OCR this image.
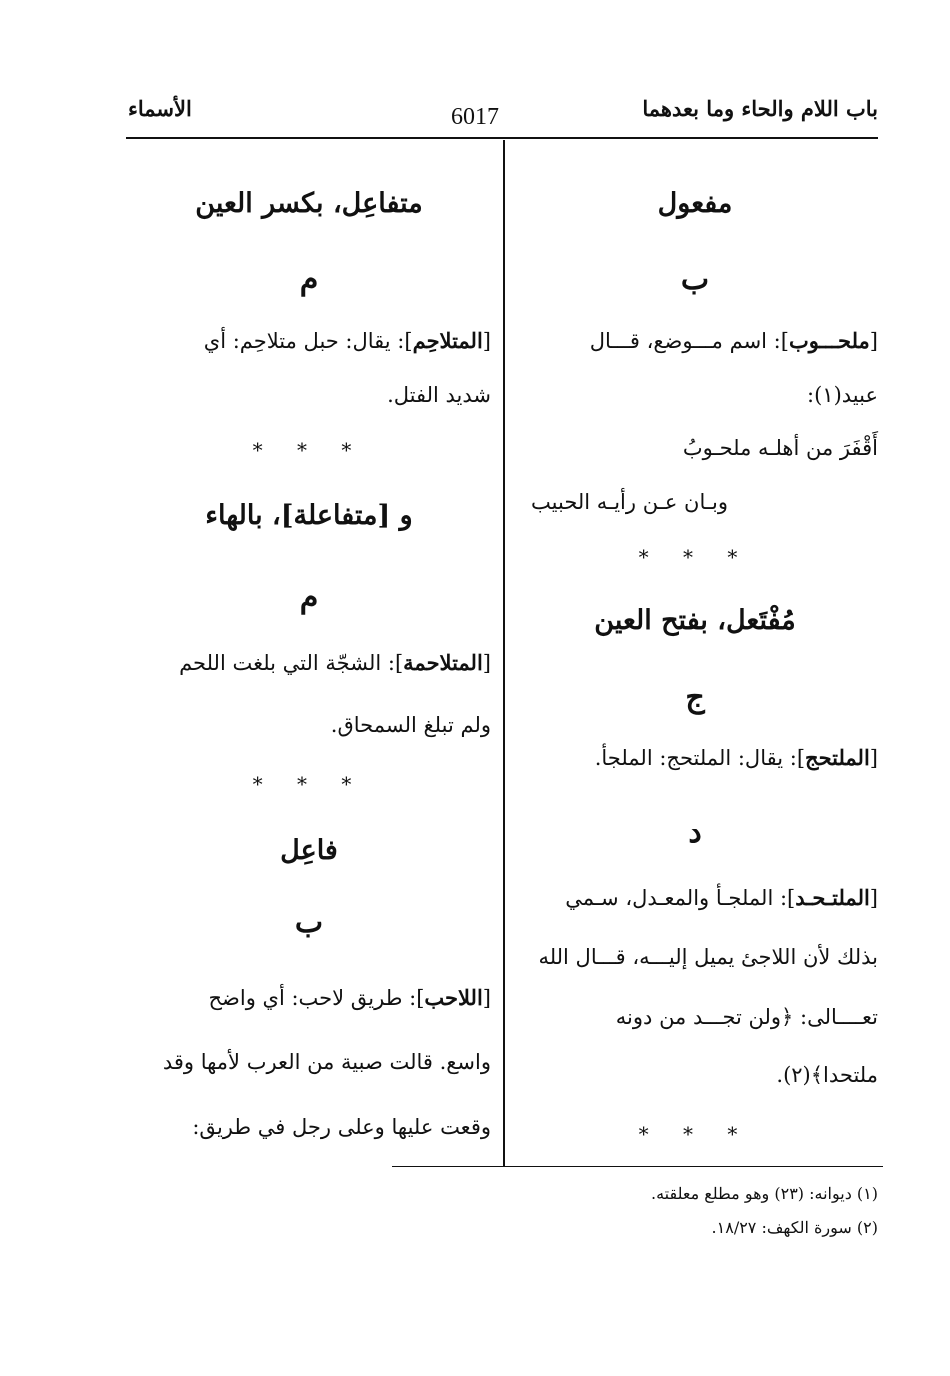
باب اللام والحاء وما بعدهما
6017
الأسماء
مفعول
ب
[ملحـــوب]: اسم مـــوضع، قـــال
عبيد(١):
أَقْفَرَ من أهلـه ملحـوبُ
وبـان عـن رأيـه الحبيب
* * *
مُفْتَعل، بفتح العين
ج
[الملتحج]: يقال: الملتحج: الملجأ.
د
[الملتـحـد]: الملجـأ والمعـدل، سـمي
بذلك لأن اللاجئ يميل إليـــه، قـــال الله
تعــــالى: ﴿ولن تجـــد من دونه
ملتحدا﴾(٢).
* * *
متفاعِل، بكسر العين
م
[المتلاحِم]: يقال: حبل متلاحِم: أي
شديد الفتل.
* * *
و [متفاعلة]، بالهاء
م
[المتلاحمة]: الشجّة التي بلغت اللحم
ولم تبلغ السمحاق.
* * *
فاعِل
ب
[اللاحب]: طريق لاحب: أي واضح
واسع. قالت صبية من العرب لأمها وقد
وقعت عليها وعلى رجل في طريق:
(١) ديوانه: (٢٣) وهو مطلع معلقته.
(٢) سورة الكهف: ١٨/٢٧.
